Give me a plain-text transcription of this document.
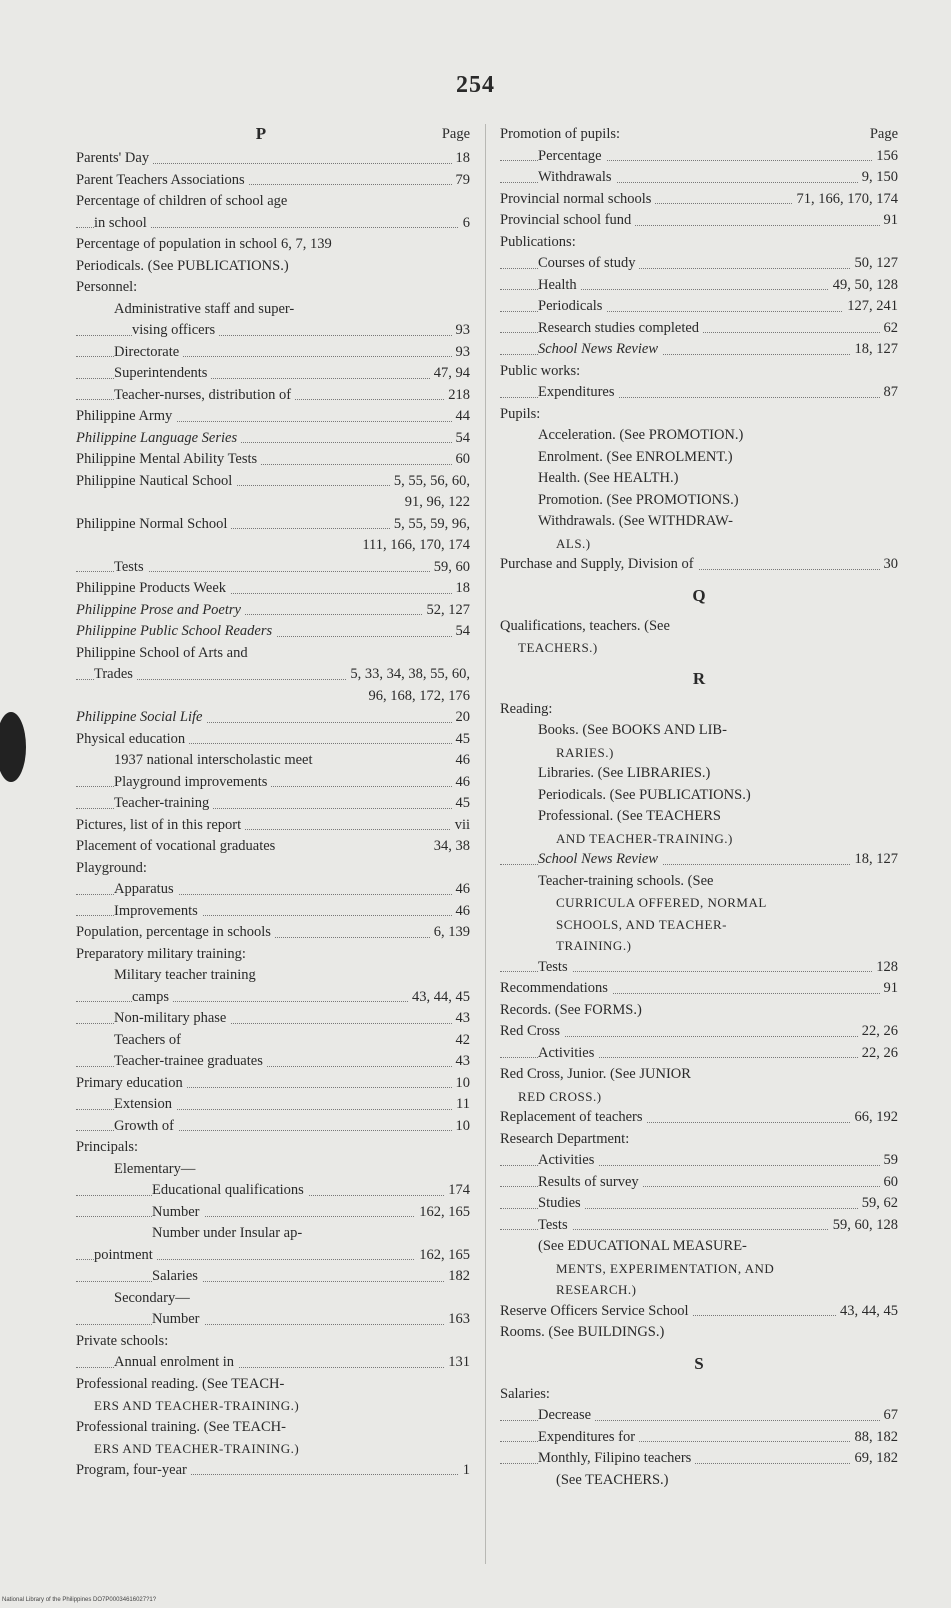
254
P	Page
Parents' Day	18
Parent Teachers Associations	79
Percentage of children of school age
in school	6
Percentage of population in school 6, 7, 139
Periodicals. (See PUBLICATIONS.)
Personnel:
Administrative staff and super-
vising officers	93
Directorate	93
Superintendents	47, 94
Teacher-nurses, distribution of	218
Philippine Army	44
Philippine Language Series	54
Philippine Mental Ability Tests	60
Philippine Nautical School	5, 55, 56, 60,
91, 96, 122
Philippine Normal School	5, 55, 59, 96,
111, 166, 170, 174
Tests	59, 60
Philippine Products Week	18
Philippine Prose and Poetry	52, 127
Philippine Public School Readers	54
Philippine School of Arts and
Trades	5, 33, 34, 38, 55, 60,
96, 168, 172, 176
Philippine Social Life	20
Physical education	45
1937 national interscholastic meet	46
Playground improvements	46
Teacher-training	45
Pictures, list of in this report	vii
Placement of vocational graduates	34, 38
Playground:
Apparatus	46
Improvements	46
Population, percentage in schools	6, 139
Preparatory military training:
Military teacher training
camps	43, 44, 45
Non-military phase	43
Teachers of	42
Teacher-trainee graduates	43
Primary education	10
Extension	11
Growth of	10
Principals:
Elementary—
Educational qualifications	174
Number	162, 165
Number under Insular ap-
pointment	162, 165
Salaries	182
Secondary—
Number	163
Private schools:
Annual enrolment in	131
Professional reading. (See TEACH-
ERS AND TEACHER-TRAINING.)
Professional training. (See TEACH-
ERS AND TEACHER-TRAINING.)
Program, four-year	1
Promotion of pupils:	Page
Percentage	156
Withdrawals	9, 150
Provincial normal schools	71, 166, 170, 174
Provincial school fund	91
Publications:
Courses of study	50, 127
Health	49, 50, 128
Periodicals	127, 241
Research studies completed	62
School News Review	18, 127
Public works:
Expenditures	87
Pupils:
Acceleration. (See PROMOTION.)
Enrolment. (See ENROLMENT.)
Health. (See HEALTH.)
Promotion. (See PROMOTIONS.)
Withdrawals. (See WITHDRAW-
ALS.)
Purchase and Supply, Division of	30
Q
Qualifications, teachers. (See
TEACHERS.)
R
Reading:
Books. (See BOOKS AND LIB-
RARIES.)
Libraries. (See LIBRARIES.)
Periodicals. (See PUBLICATIONS.)
Professional. (See TEACHERS
AND TEACHER-TRAINING.)
School News Review	18, 127
Teacher-training schools. (See
CURRICULA OFFERED, NORMAL
SCHOOLS, AND TEACHER-
TRAINING.)
Tests	128
Recommendations	91
Records. (See FORMS.)
Red Cross	22, 26
Activities	22, 26
Red Cross, Junior. (See JUNIOR
RED CROSS.)
Replacement of teachers	66, 192
Research Department:
Activities	59
Results of survey	60
Studies	59, 62
Tests	59, 60, 128
(See EDUCATIONAL MEASURE-
MENTS, EXPERIMENTATION, AND
RESEARCH.)
Reserve Officers Service School	43, 44, 45
Rooms. (See BUILDINGS.)
S
Salaries:
Decrease	67
Expenditures for	88, 182
Monthly, Filipino teachers	69, 182
(See TEACHERS.)
National Library of the Philippines DO7P00034616027?1?
